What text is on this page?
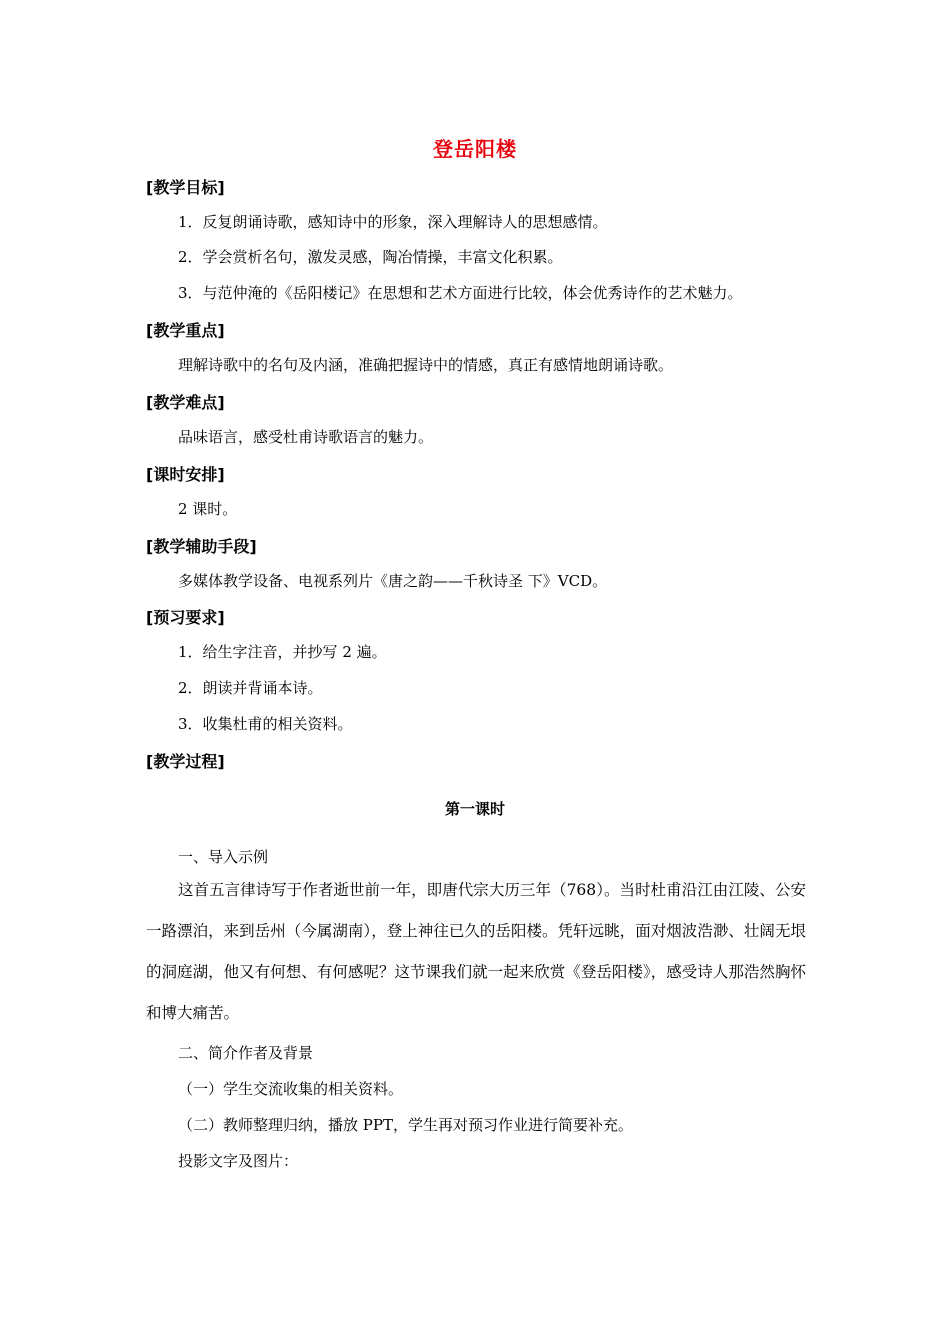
登岳阳楼
[教学目标]
1．反复朗诵诗歌，感知诗中的形象，深入理解诗人的思想感情。
2．学会赏析名句，激发灵感，陶冶情操，丰富文化积累。
3．与范仲淹的《岳阳楼记》在思想和艺术方面进行比较，体会优秀诗作的艺术魅力。
[教学重点]
理解诗歌中的名句及内涵，准确把握诗中的情感，真正有感情地朗诵诗歌。
[教学难点]
品味语言，感受杜甫诗歌语言的魅力。
[课时安排]
2 课时。
[教学辅助手段]
多媒体教学设备、电视系列片《唐之韵——千秋诗圣 下》VCD。
[预习要求]
1．给生字注音，并抄写 2 遍。
2．朗读并背诵本诗。
3．收集杜甫的相关资料。
[教学过程]
第一课时
一、导入示例
这首五言律诗写于作者逝世前一年，即唐代宗大历三年（768）。当时杜甫沿江由江陵、公安一路漂泊，来到岳州（今属湖南），登上神往已久的岳阳楼。凭轩远眺，面对烟波浩渺、壮阔无垠的洞庭湖，他又有何想、有何感呢？这节课我们就一起来欣赏《登岳阳楼》，感受诗人那浩然胸怀和博大痛苦。
二、简介作者及背景
（一）学生交流收集的相关资料。
（二）教师整理归纳，播放 PPT，学生再对预习作业进行简要补充。
投影文字及图片：
